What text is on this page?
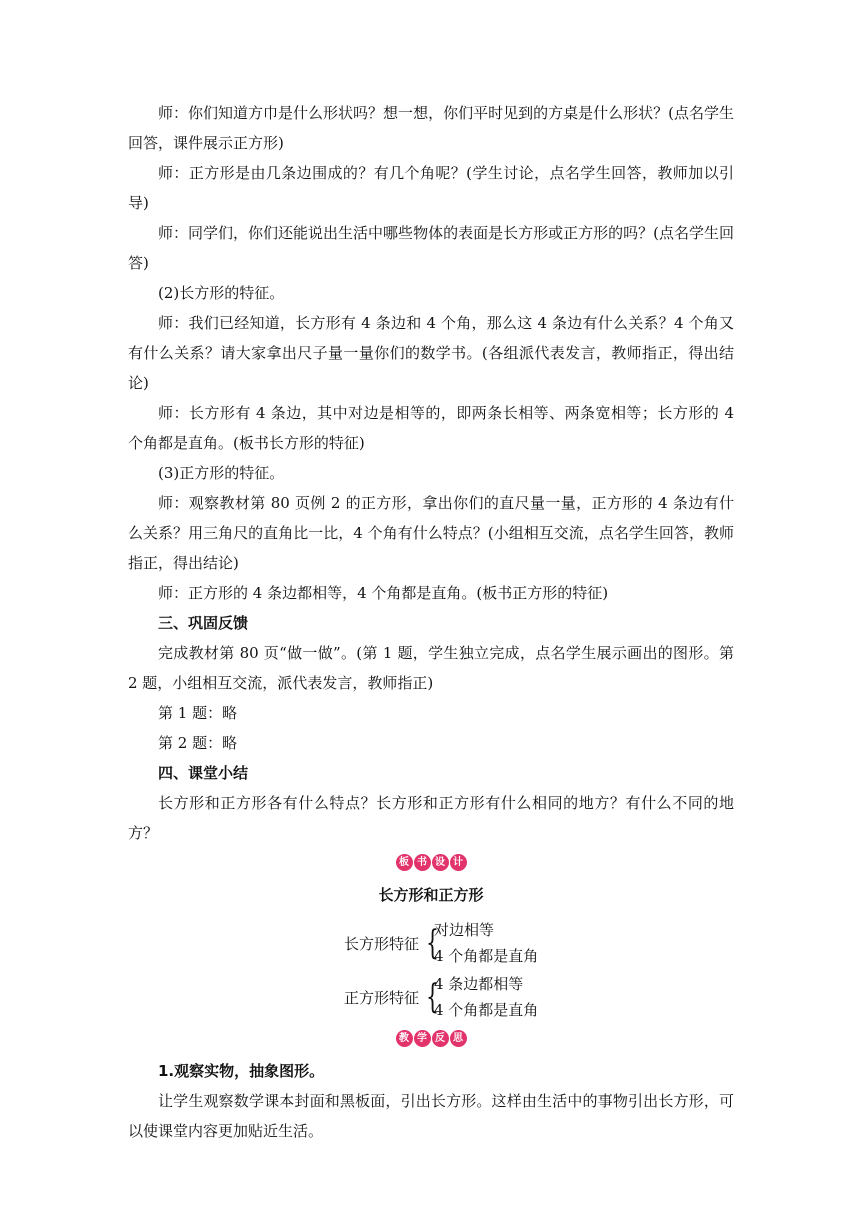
师：你们知道方巾是什么形状吗？想一想，你们平时见到的方桌是什么形状？(点名学生回答，课件展示正方形)

师：正方形是由几条边围成的？有几个角呢？(学生讨论，点名学生回答，教师加以引导)

师：同学们，你们还能说出生活中哪些物体的表面是长方形或正方形的吗？(点名学生回答)

(2)长方形的特征。

师：我们已经知道，长方形有 4 条边和 4 个角，那么这 4 条边有什么关系？4 个角又有什么关系？请大家拿出尺子量一量你们的数学书。(各组派代表发言，教师指正，得出结论)

师：长方形有 4 条边，其中对边是相等的，即两条长相等、两条宽相等；长方形的 4 个角都是直角。(板书长方形的特征)

(3)正方形的特征。

师：观察教材第 80 页例 2 的正方形，拿出你们的直尺量一量，正方形的 4 条边有什么关系？用三角尺的直角比一比，4 个角有什么特点？(小组相互交流，点名学生回答，教师指正，得出结论)

师：正方形的 4 条边都相等，4 个角都是直角。(板书正方形的特征)

三、巩固反馈

完成教材第 80 页“做一做”。(第 1 题，学生独立完成，点名学生展示画出的图形。第 2 题，小组相互交流，派代表发言，教师指正)

第 1 题：略

第 2 题：略

四、课堂小结

长方形和正方形各有什么特点？长方形和正方形有什么相同的地方？有什么不同的地方？

板 书 设 计
长方形和正方形
长方形特征 {
对边相等
4 个角都是直角
正方形特征 {
4 条边都相等
4 个角都是直角
教 学 反 思

1.观察实物，抽象图形。

让学生观察数学课本封面和黑板面，引出长方形。这样由生活中的事物引出长方形，可以使课堂内容更加贴近生活。
